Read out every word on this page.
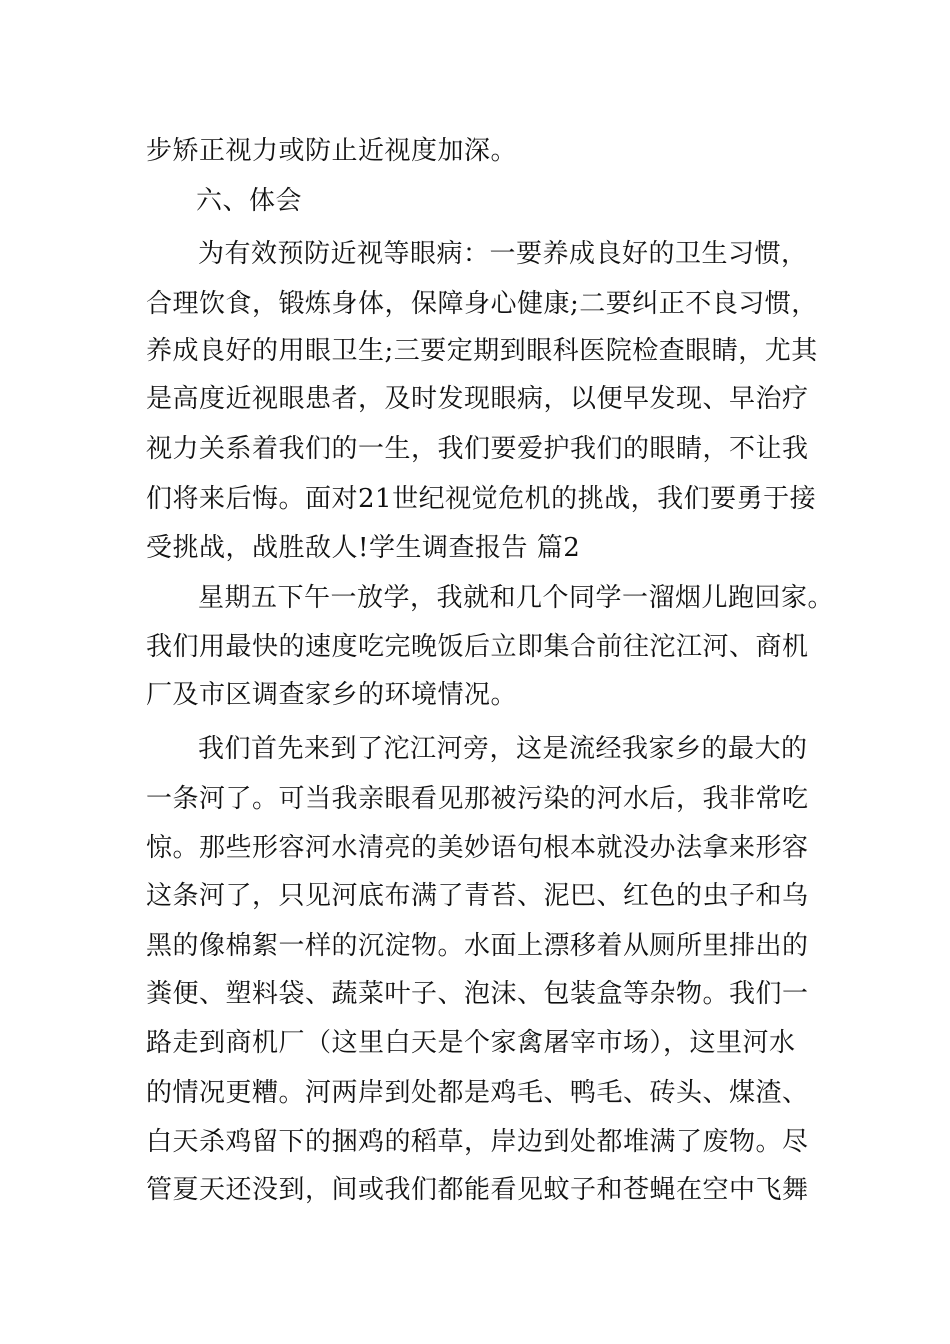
步矫正视力或防止近视度加深。
六、体会
为有效预防近视等眼病：一要养成良好的卫生习惯，
合理饮食，锻炼身体，保障身心健康;二要纠正不良习惯，
养成良好的用眼卫生;三要定期到眼科医院检查眼睛，尤其
是高度近视眼患者，及时发现眼病，以便早发现、早治疗
视力关系着我们的一生，我们要爱护我们的眼睛，不让我
们将来后悔。面对21世纪视觉危机的挑战，我们要勇于接
受挑战，战胜敌人!学生调查报告 篇2
星期五下午一放学，我就和几个同学一溜烟儿跑回家。
我们用最快的速度吃完晚饭后立即集合前往沱江河、商机
厂及市区调查家乡的环境情况。
我们首先来到了沱江河旁，这是流经我家乡的最大的
一条河了。可当我亲眼看见那被污染的河水后，我非常吃
惊。那些形容河水清亮的美妙语句根本就没办法拿来形容
这条河了，只见河底布满了青苔、泥巴、红色的虫子和乌
黑的像棉絮一样的沉淀物。水面上漂移着从厕所里排出的
粪便、塑料袋、蔬菜叶子、泡沫、包装盒等杂物。我们一
路走到商机厂（这里白天是个家禽屠宰市场），这里河水
的情况更糟。河两岸到处都是鸡毛、鸭毛、砖头、煤渣、
白天杀鸡留下的捆鸡的稻草，岸边到处都堆满了废物。尽
管夏天还没到，间或我们都能看见蚊子和苍蝇在空中飞舞
